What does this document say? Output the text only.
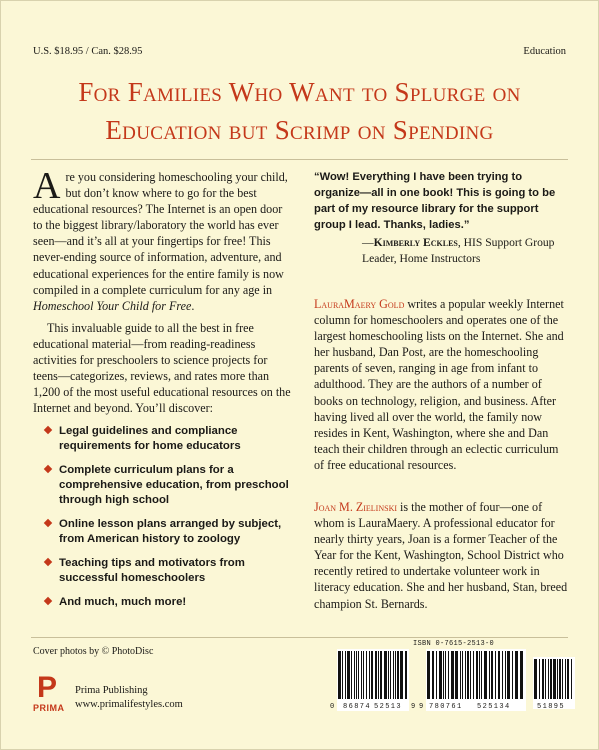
U.S. $18.95 / Can. $28.95	Education
For Families Who Want to Splurge on
Education but Scrimp on Spending

Are you considering homeschooling your child, but don’t know where to go for the best educational resources? The Internet is an open door to the biggest library/laboratory the world has ever seen—and it’s all at your fingertips for free! This never-ending source of information, adventure, and educational experiences for the entire family is now compiled in a complete curriculum for any age in Homeschool Your Child for Free.

This invaluable guide to all the best in free educational material—from reading-readiness activities for preschoolers to science projects for teens—categorizes, reviews, and rates more than 1,200 of the most useful educational resources on the Internet and beyond. You’ll discover:

Legal guidelines and compliance requirements for home educators
Complete curriculum plans for a comprehensive education, from preschool through high school
Online lesson plans arranged by subject, from American history to zoology
Teaching tips and motivators from successful homeschoolers
And much, much more!

“Wow! Everything I have been trying to organize—all in one book! This is going to be part of my resource library for the support group I lead. Thanks, ladies.”

—Kimberly Eckles, HIS Support Group Leader, Home Instructors

LauraMaery Gold writes a popular weekly Internet column for homeschoolers and operates one of the largest homeschooling lists on the Internet. She and her husband, Dan Post, are the homeschooling parents of seven, ranging in age from infant to adulthood. They are the authors of a number of books on technology, religion, and business. After having lived all over the world, the family now resides in Kent, Washington, where she and Dan teach their children through an eclectic curriculum of free educational resources.

Joan M. Zielinski is the mother of four—one of whom is LauraMaery. A professional educator for nearly thirty years, Joan is a former Teacher of the Year for the Kent, Washington, School District who recently retired to undertake volunteer work in literacy education. She and her husband, Stan, breed champion St. Bernards.

Cover photos by © PhotoDisc
P
PRIMA
Prima Publishing
www.primalifestyles.com
ISBN 0-7615-2513-0
0 86874 52513 9 9 780761 525134	51895
